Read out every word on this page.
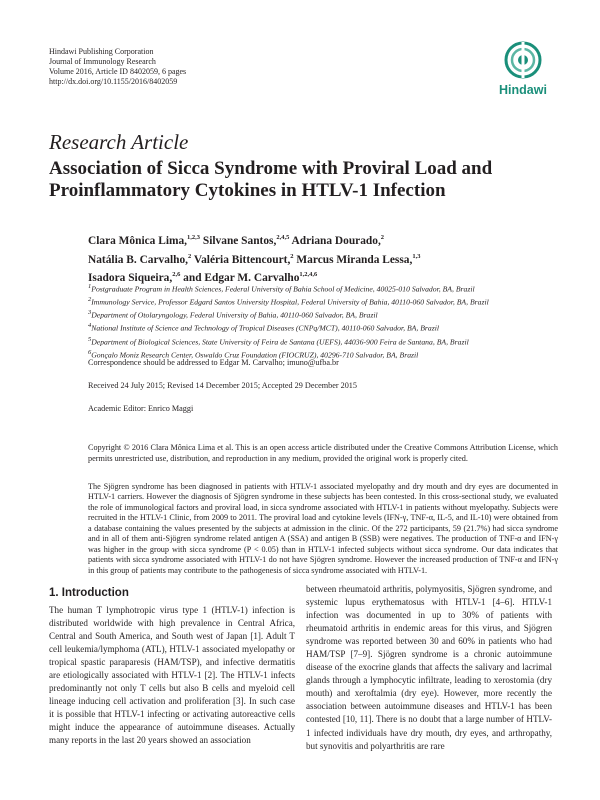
Hindawi Publishing Corporation
Journal of Immunology Research
Volume 2016, Article ID 8402059, 6 pages
http://dx.doi.org/10.1155/2016/8402059
Hindawi
Research Article
Association of Sicca Syndrome with Proviral Load and Proinflammatory Cytokines in HTLV-1 Infection
Clara Mônica Lima,$^{1,2,3}$ Silvane Santos,$^{2,4,5}$ Adriana Dourado,$^2$
Natália B. Carvalho,$^2$ Valéria Bittencourt,$^2$ Marcus Miranda Lessa,$^{1,3}$
Isadora Siqueira,$^{2,6}$ and Edgar M. Carvalho$^{1,2,4,6}$
$^1$Postgraduate Program in Health Sciences, Federal University of Bahia School of Medicine, 40025-010 Salvador, BA, Brazil
$^2$Immunology Service, Professor Edgard Santos University Hospital, Federal University of Bahia, 40110-060 Salvador, BA, Brazil
$^3$Department of Otolaryngology, Federal University of Bahia, 40110-060 Salvador, BA, Brazil
$^4$National Institute of Science and Technology of Tropical Diseases (CNPq/MCT), 40110-060 Salvador, BA, Brazil
$^5$Department of Biological Sciences, State University of Feira de Santana (UEFS), 44036-900 Feira de Santana, BA, Brazil
$^6$Gonçalo Moniz Research Center, Oswaldo Cruz Foundation (FIOCRUZ), 40296-710 Salvador, BA, Brazil
Correspondence should be addressed to Edgar M. Carvalho; imuno@ufba.br
Received 24 July 2015; Revised 14 December 2015; Accepted 29 December 2015
Academic Editor: Enrico Maggi
Copyright © 2016 Clara Mônica Lima et al. This is an open access article distributed under the Creative Commons Attribution License, which permits unrestricted use, distribution, and reproduction in any medium, provided the original work is properly cited.
The Sjögren syndrome has been diagnosed in patients with HTLV-1 associated myelopathy and dry mouth and dry eyes are documented in HTLV-1 carriers. However the diagnosis of Sjögren syndrome in these subjects has been contested. In this cross-sectional study, we evaluated the role of immunological factors and proviral load, in sicca syndrome associated with HTLV-1 in patients without myelopathy. Subjects were recruited in the HTLV-1 Clinic, from 2009 to 2011. The proviral load and cytokine levels (IFN-γ, TNF-α, IL-5, and IL-10) were obtained from a database containing the values presented by the subjects at admission in the clinic. Of the 272 participants, 59 (21.7%) had sicca syndrome and in all of them anti-Sjögren syndrome related antigen A (SSA) and antigen B (SSB) were negatives. The production of TNF-α and IFN-γ was higher in the group with sicca syndrome (P < 0.05) than in HTLV-1 infected subjects without sicca syndrome. Our data indicates that patients with sicca syndrome associated with HTLV-1 do not have Sjögren syndrome. However the increased production of TNF-α and IFN-γ in this group of patients may contribute to the pathogenesis of sicca syndrome associated with HTLV-1.
1. Introduction
The human T lymphotropic virus type 1 (HTLV-1) infection is distributed worldwide with high prevalence in Central Africa, Central and South America, and South west of Japan [1]. Adult T cell leukemia/lymphoma (ATL), HTLV-1 associated myelopathy or tropical spastic paraparesis (HAM/TSP), and infective dermatitis are etiologically associated with HTLV-1 [2]. The HTLV-1 infects predominantly not only T cells but also B cells and myeloid cell lineage inducing cell activation and proliferation [3]. In such case it is possible that HTLV-1 infecting or activating autoreactive cells might induce the appearance of autoimmune diseases. Actually many reports in the last 20 years showed an association
between rheumatoid arthritis, polymyositis, Sjögren syndrome, and systemic lupus erythematosus with HTLV-1 [4–6]. HTLV-1 infection was documented in up to 30% of patients with rheumatoid arthritis in endemic areas for this virus, and Sjögren syndrome was reported between 30 and 60% in patients who had HAM/TSP [7–9]. Sjögren syndrome is a chronic autoimmune disease of the exocrine glands that affects the salivary and lacrimal glands through a lymphocytic infiltrate, leading to xerostomia (dry mouth) and xeroftalmia (dry eye). However, more recently the association between autoimmune diseases and HTLV-1 has been contested [10, 11]. There is no doubt that a large number of HTLV-1 infected individuals have dry mouth, dry eyes, and arthropathy, but synovitis and polyarthritis are rare
